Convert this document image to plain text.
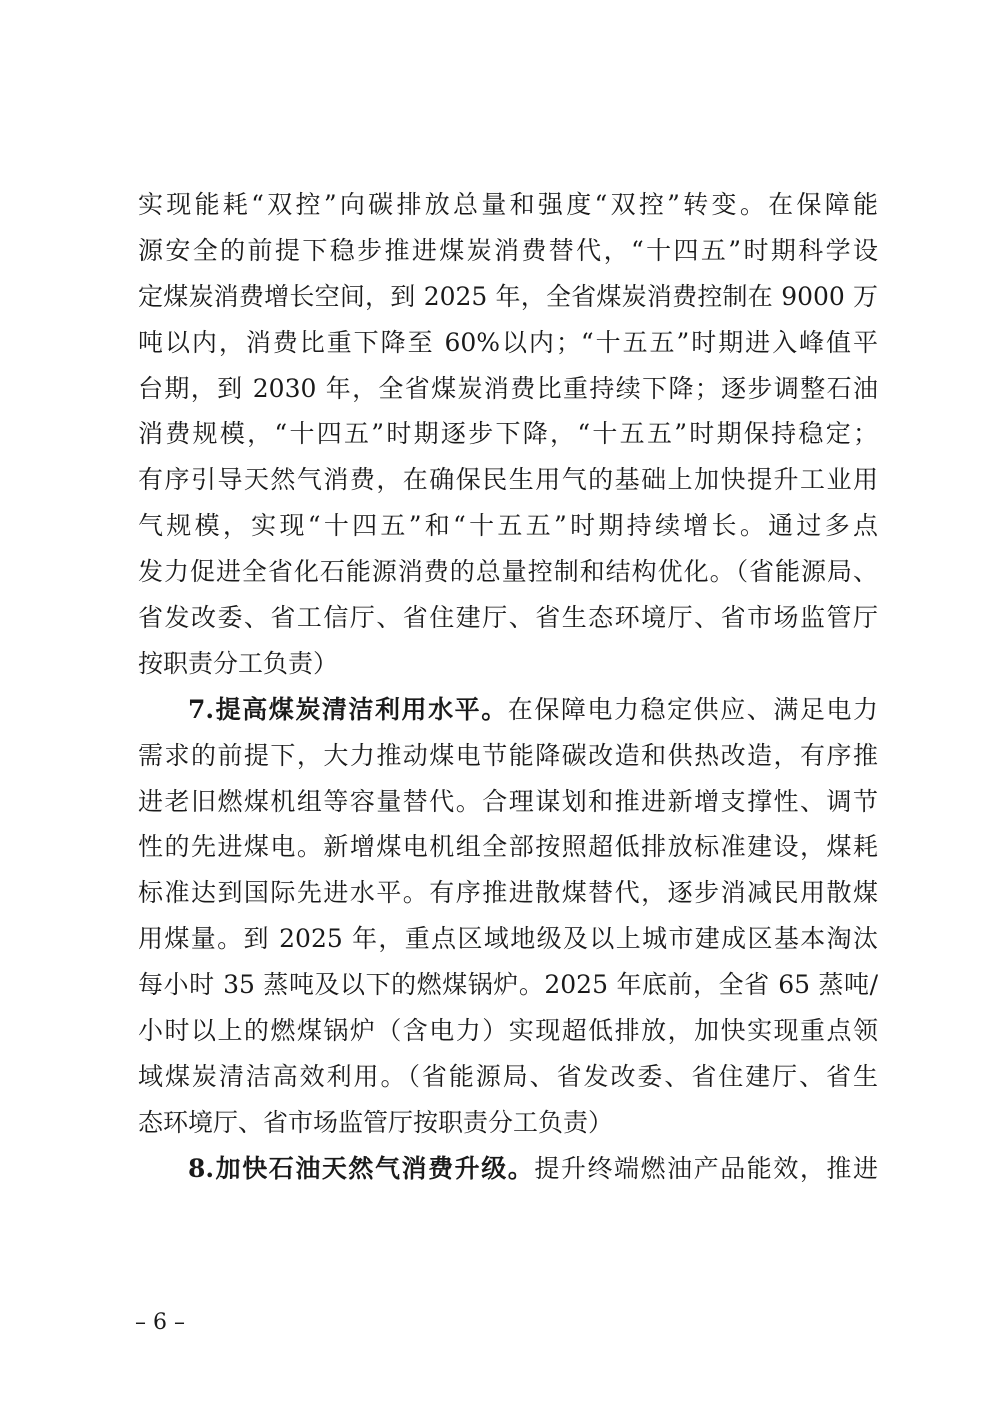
实现能耗“双控”向碳排放总量和强度“双控”转变。在保障能
源安全的前提下稳步推进煤炭消费替代，“十四五”时期科学设
定煤炭消费增长空间，到 2025 年，全省煤炭消费控制在 9000 万
吨以内，消费比重下降至 60%以内；“十五五”时期进入峰值平
台期，到 2030 年，全省煤炭消费比重持续下降；逐步调整石油
消费规模，“十四五”时期逐步下降，“十五五”时期保持稳定；
有序引导天然气消费，在确保民生用气的基础上加快提升工业用
气规模，实现“十四五”和“十五五”时期持续增长。通过多点
发力促进全省化石能源消费的总量控制和结构优化。（省能源局、
省发改委、省工信厅、省住建厅、省生态环境厅、省市场监管厅
按职责分工负责）
7.提高煤炭清洁利用水平。在保障电力稳定供应、满足电力
需求的前提下，大力推动煤电节能降碳改造和供热改造，有序推
进老旧燃煤机组等容量替代。合理谋划和推进新增支撑性、调节
性的先进煤电。新增煤电机组全部按照超低排放标准建设，煤耗
标准达到国际先进水平。有序推进散煤替代，逐步消减民用散煤
用煤量。到 2025 年，重点区域地级及以上城市建成区基本淘汰
每小时 35 蒸吨及以下的燃煤锅炉。2025 年底前，全省 65 蒸吨/
小时以上的燃煤锅炉（含电力）实现超低排放，加快实现重点领
域煤炭清洁高效利用。（省能源局、省发改委、省住建厅、省生
态环境厅、省市场监管厅按职责分工负责）
8.加快石油天然气消费升级。提升终端燃油产品能效，推进
– 6 –
